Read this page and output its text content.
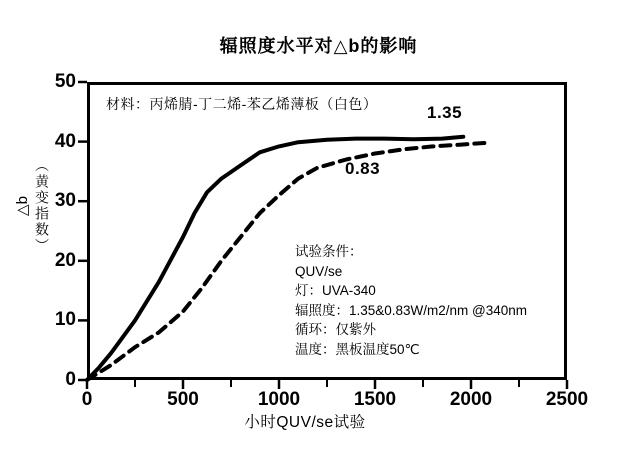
辐照度水平对△b的影响
△b （黄变指数）
材料：丙烯腈-丁二烯-苯乙烯薄板（白色）
试验条件：
QUV/se
灯：UVA-340
辐照度：1.35&0.83W/m2/nm @340nm
循环：仅紫外
温度：黑板温度50℃
1.35
0.83
小时QUV/se试验
0	500	1000	1500	2000	2500
0
10
20
30
40
50
